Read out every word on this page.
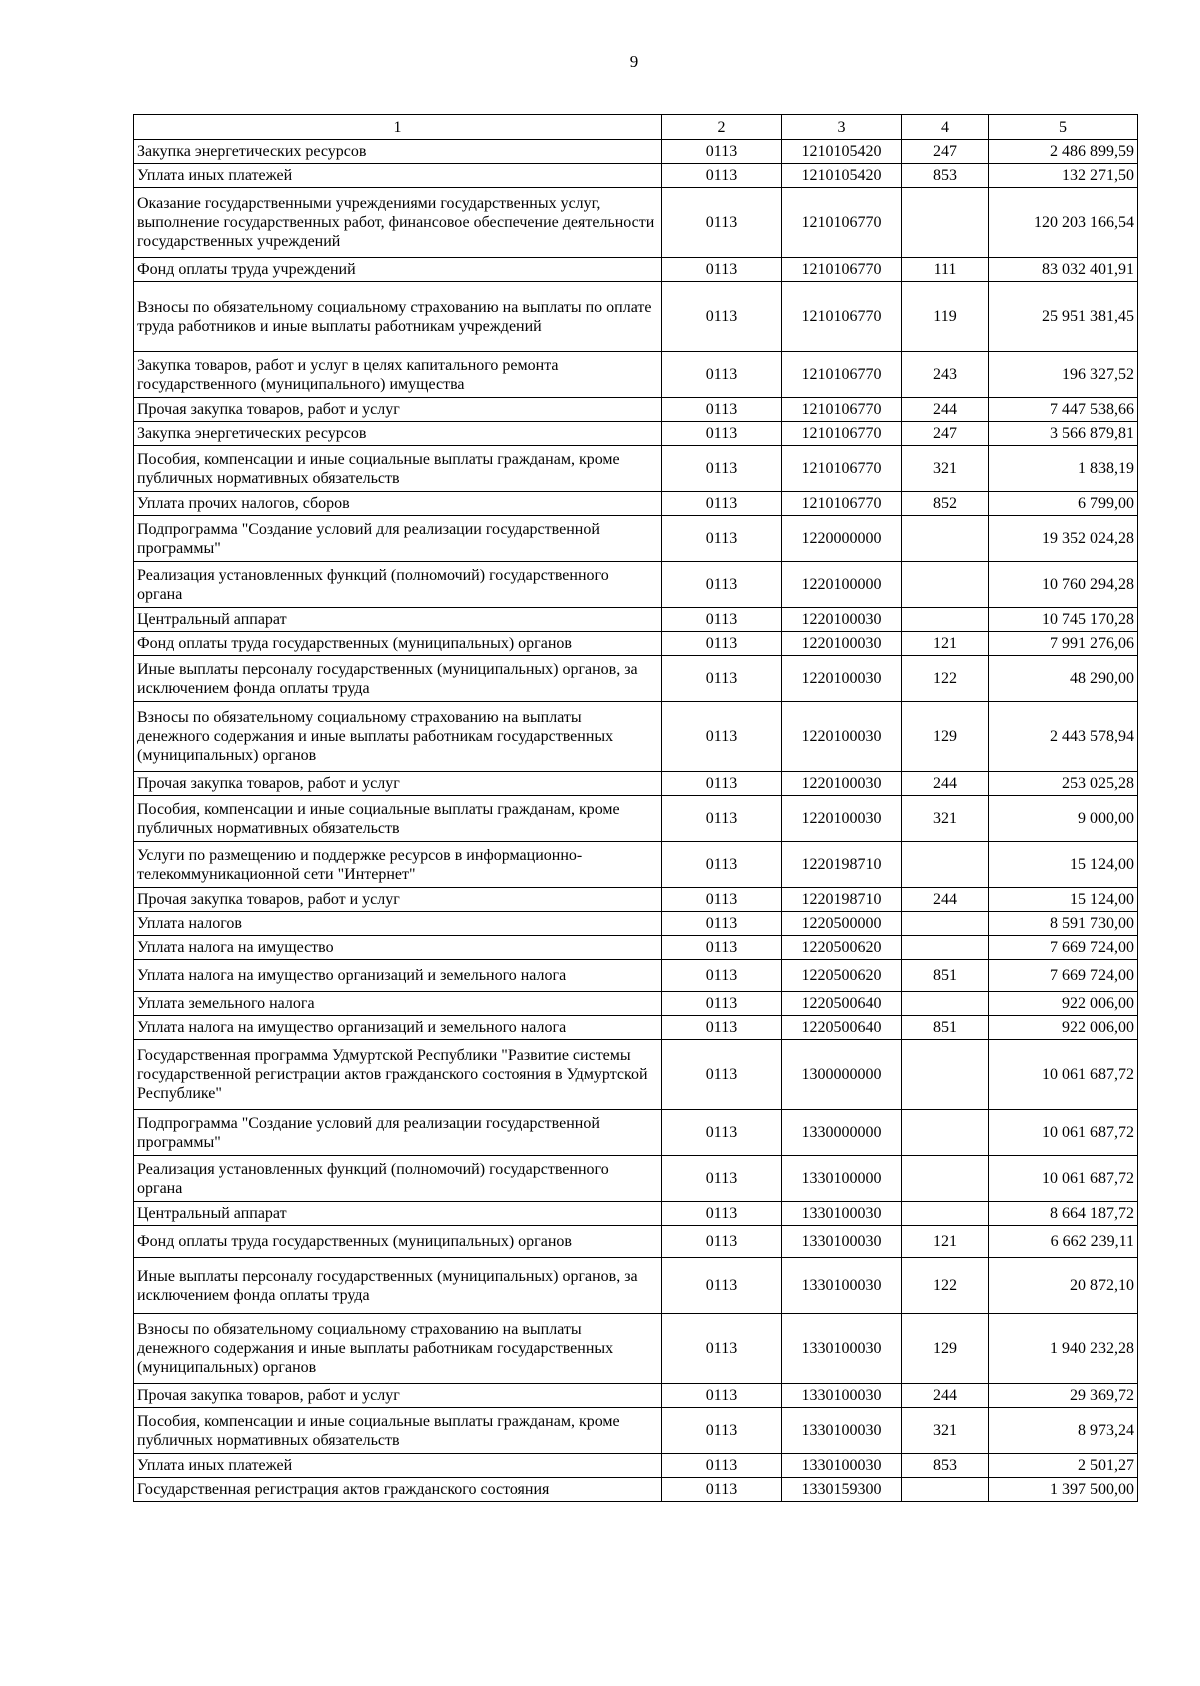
9
1	2	3	4	5
Закупка энергетических ресурсов	0113	1210105420	247	2 486 899,59
Уплата иных платежей	0113	1210105420	853	132 271,50
Оказание государственными учреждениями государственных услуг, выполнение государственных работ, финансовое обеспечение деятельности государственных учреждений	0113	1210106770		120 203 166,54
Фонд оплаты труда учреждений	0113	1210106770	111	83 032 401,91
Взносы по обязательному социальному страхованию на выплаты по оплате труда работников и иные выплаты работникам учреждений	0113	1210106770	119	25 951 381,45
Закупка товаров, работ и услуг в целях капитального ремонта государственного (муниципального) имущества	0113	1210106770	243	196 327,52
Прочая закупка товаров, работ и услуг	0113	1210106770	244	7 447 538,66
Закупка энергетических ресурсов	0113	1210106770	247	3 566 879,81
Пособия, компенсации и иные социальные выплаты гражданам, кроме публичных нормативных обязательств	0113	1210106770	321	1 838,19
Уплата прочих налогов, сборов	0113	1210106770	852	6 799,00
Подпрограмма "Создание условий для реализации государственной программы"	0113	1220000000		19 352 024,28
Реализация установленных функций (полномочий) государственного органа	0113	1220100000		10 760 294,28
Центральный аппарат	0113	1220100030		10 745 170,28
Фонд оплаты труда государственных (муниципальных) органов	0113	1220100030	121	7 991 276,06
Иные выплаты персоналу государственных (муниципальных) органов, за исключением фонда оплаты труда	0113	1220100030	122	48 290,00
Взносы по обязательному социальному страхованию на выплаты денежного содержания и иные выплаты работникам государственных (муниципальных) органов	0113	1220100030	129	2 443 578,94
Прочая закупка товаров, работ и услуг	0113	1220100030	244	253 025,28
Пособия, компенсации и иные социальные выплаты гражданам, кроме публичных нормативных обязательств	0113	1220100030	321	9 000,00
Услуги по размещению и поддержке ресурсов в информационно-телекоммуникационной сети "Интернет"	0113	1220198710		15 124,00
Прочая закупка товаров, работ и услуг	0113	1220198710	244	15 124,00
Уплата налогов	0113	1220500000		8 591 730,00
Уплата налога на имущество	0113	1220500620		7 669 724,00
Уплата налога на имущество организаций и земельного налога	0113	1220500620	851	7 669 724,00
Уплата земельного налога	0113	1220500640		922 006,00
Уплата налога на имущество организаций и земельного налога	0113	1220500640	851	922 006,00
Государственная программа Удмуртской Республики "Развитие системы государственной регистрации актов гражданского состояния в Удмуртской Республике"	0113	1300000000		10 061 687,72
Подпрограмма "Создание условий для реализации государственной программы"	0113	1330000000		10 061 687,72
Реализация установленных функций (полномочий) государственного органа	0113	1330100000		10 061 687,72
Центральный аппарат	0113	1330100030		8 664 187,72
Фонд оплаты труда государственных (муниципальных) органов	0113	1330100030	121	6 662 239,11
Иные выплаты персоналу государственных (муниципальных) органов, за исключением фонда оплаты труда	0113	1330100030	122	20 872,10
Взносы по обязательному социальному страхованию на выплаты денежного содержания и иные выплаты работникам государственных (муниципальных) органов	0113	1330100030	129	1 940 232,28
Прочая закупка товаров, работ и услуг	0113	1330100030	244	29 369,72
Пособия, компенсации и иные социальные выплаты гражданам, кроме публичных нормативных обязательств	0113	1330100030	321	8 973,24
Уплата иных платежей	0113	1330100030	853	2 501,27
Государственная регистрация актов гражданского состояния	0113	1330159300		1 397 500,00
